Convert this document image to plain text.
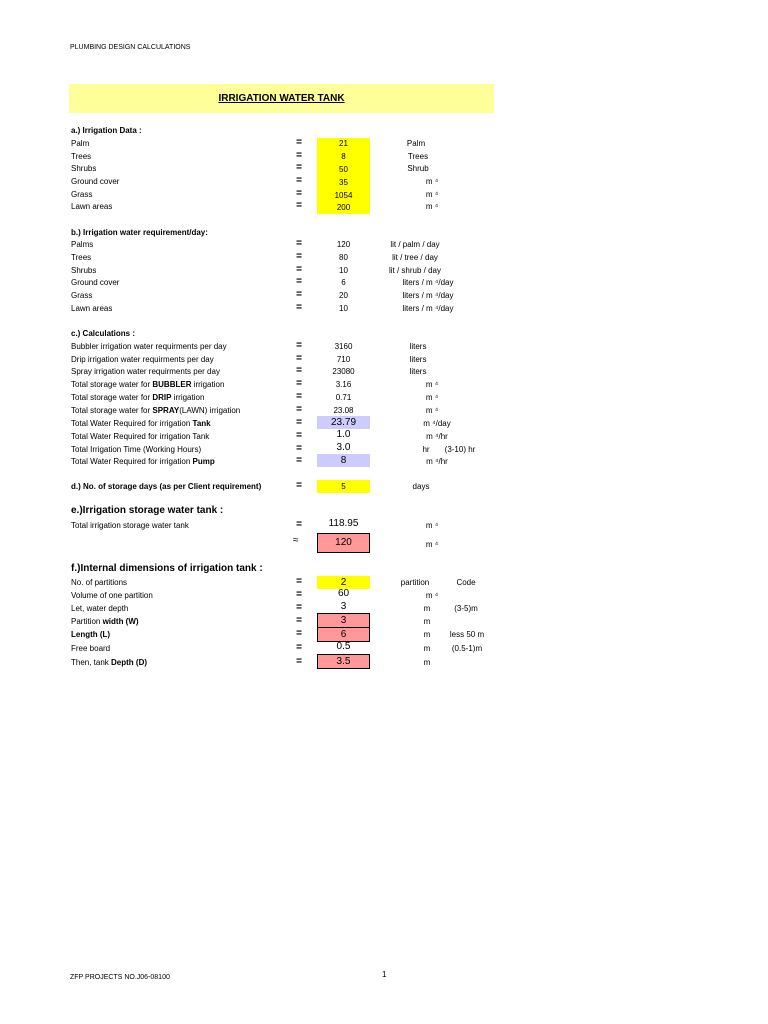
PLUMBING DESIGN CALCULATIONS
IRRIGATION WATER TANK
a.) Irrigation Data :
Palm	=	21	Palm
Trees	=	8	Trees
Shrubs	=	50	Shrub
Ground cover	=	35	m ⁴
Grass	=	1054	m ⁴
Lawn areas	=	200	m ⁴
b.) Irrigation water requirement/day:
Palms	=	120	lit / palm / day
Trees	=	80	lit / tree / day
Shrubs	=	10	lit / shrub / day
Ground cover	=	6	liters / m ⁴/day
Grass	=	20	liters / m ⁴/day
Lawn areas	=	10	liters / m ⁴/day
c.) Calculations :
Bubbler irrigation water requirments per day	=	3160	liters
Drip irrigation water requirments per day	=	710	liters
Spray irrigation water requirments per day	=	23080	liters
Total storage water for BUBBLER irrigation	=	3.16	m ⁴
Total storage water for DRIP irrigation	=	0.71	m ⁴
Total storage water for SPRAY(LAWN) irrigation	=	23.08	m ⁴
Total Water Required for irrigation Tank	=	23.79	m ⁴/day
Total Water Required for irrigation Tank	=	1.0	m ⁴/hr
Total Irrigation Time (Working Hours)	=	3.0	hr	(3-10) hr
Total Water Required for irrigation Pump	=	8	m ⁴/hr
d.) No. of storage days (as per Client requirement)	=	5	days
e.)Irrigation storage water tank :
Total irrigation storage water tank	=	118.95	m ⁴
≈	120	m ⁴
f.)Internal dimensions of irrigation tank :
No. of partitions	=	2	partition	Code
Volume of one partition	=	60	m ⁴
Let, water depth	=	3	m	(3-5)m
Partition width (W)	=	3	m
Length (L)	=	6	m	less 50 m
Free board	=	0.5	m	(0.5-1)m
Then, tank Depth (D)	=	3.5	m
ZFP PROJECTS NO.J06-08100	1
